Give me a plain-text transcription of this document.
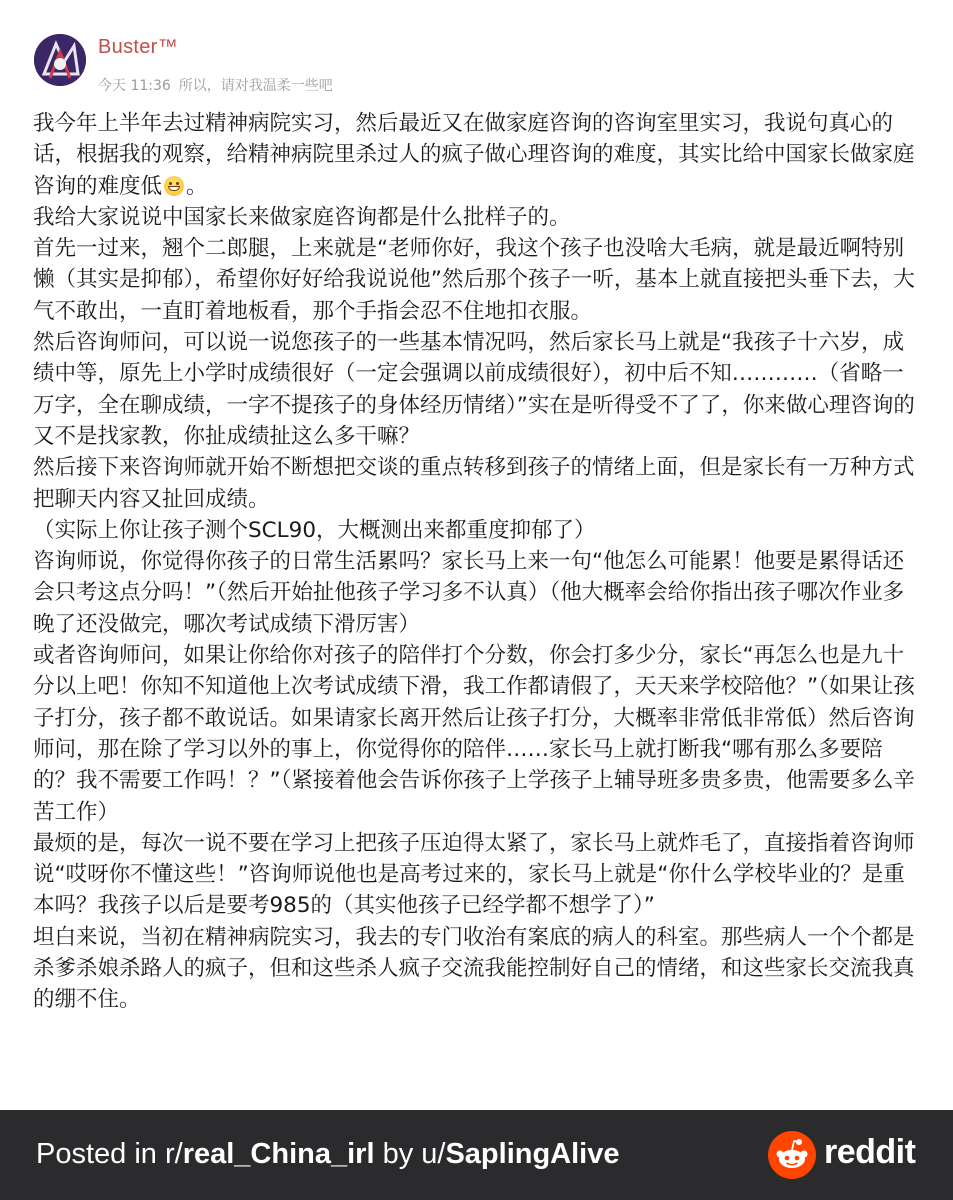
Buster™
今天 11:36 所以，请对我温柔一些吧

我今年上半年去过精神病院实习，然后最近又在做家庭咨询的咨询室里实习，我说句真心的话，根据我的观察，给精神病院里杀过人的疯子做心理咨询的难度，其实比给中国家长做家庭咨询的难度低 。

我给大家说说中国家长来做家庭咨询都是什么批样子的。

首先一过来，翘个二郎腿，上来就是“老师你好，我这个孩子也没啥大毛病，就是最近啊特别懒（其实是抑郁），希望你好好给我说说他”然后那个孩子一听，基本上就直接把头垂下去，大气不敢出，一直盯着地板看，那个手指会忍不住地扣衣服。

然后咨询师问，可以说一说您孩子的一些基本情况吗，然后家长马上就是“我孩子十六岁，成绩中等，原先上小学时成绩很好（一定会强调以前成绩很好），初中后不知…………（省略一万字，全在聊成绩，一字不提孩子的身体经历情绪）”实在是听得受不了了，你来做心理咨询的又不是找家教，你扯成绩扯这么多干嘛？

然后接下来咨询师就开始不断想把交谈的重点转移到孩子的情绪上面，但是家长有一万种方式把聊天内容又扯回成绩。

（实际上你让孩子测个SCL90，大概测出来都重度抑郁了）

咨询师说，你觉得你孩子的日常生活累吗？家长马上来一句“他怎么可能累！他要是累得话还会只考这点分吗！”（然后开始扯他孩子学习多不认真）（他大概率会给你指出孩子哪次作业多晚了还没做完，哪次考试成绩下滑厉害）

或者咨询师问，如果让你给你对孩子的陪伴打个分数，你会打多少分，家长“再怎么也是九十分以上吧！你知不知道他上次考试成绩下滑，我工作都请假了，天天来学校陪他？”（如果让孩子打分，孩子都不敢说话。如果请家长离开然后让孩子打分，大概率非常低非常低）然后咨询师问，那在除了学习以外的事上，你觉得你的陪伴……家长马上就打断我“哪有那么多要陪的？我不需要工作吗！？”（紧接着他会告诉你孩子上学孩子上辅导班多贵多贵，他需要多么辛苦工作）

最烦的是，每次一说不要在学习上把孩子压迫得太紧了，家长马上就炸毛了，直接指着咨询师说“哎呀你不懂这些！”咨询师说他也是高考过来的，家长马上就是“你什么学校毕业的？是重本吗？我孩子以后是要考985的（其实他孩子已经学都不想学了）”

坦白来说，当初在精神病院实习，我去的专门收治有案底的病人的科室。那些病人一个个都是杀爹杀娘杀路人的疯子，但和这些杀人疯子交流我能控制好自己的情绪，和这些家长交流我真的绷不住。

Posted in r/real_China_irl by u/SaplingAlive	reddit
